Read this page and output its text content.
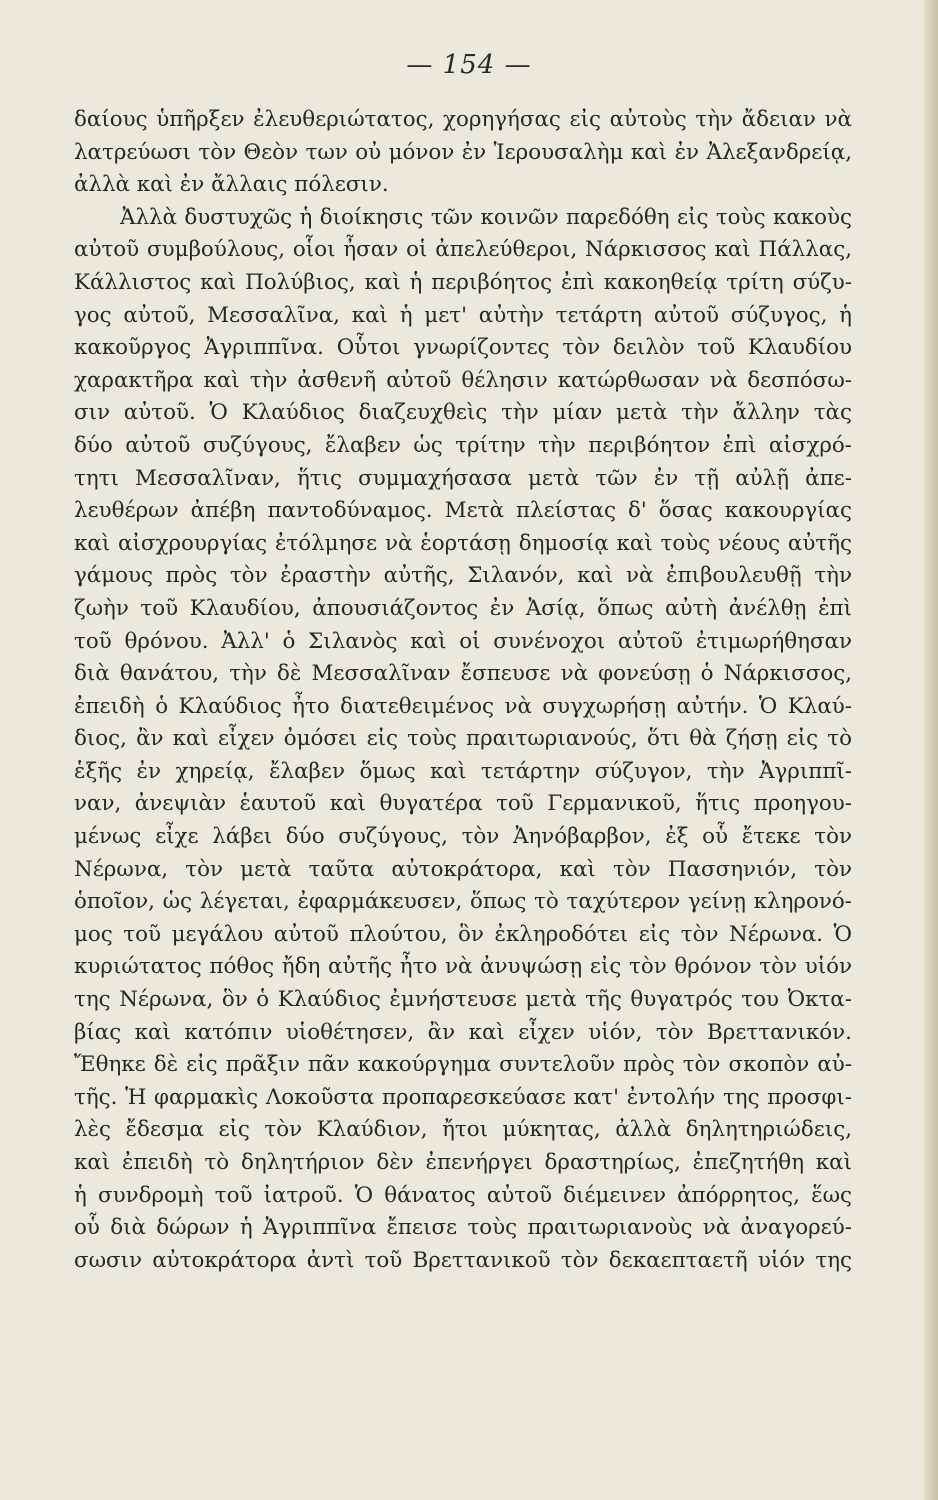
— 154 —
δαίους ὑπῆρξεν ἐλευθεριώτατος, χορηγήσας εἰς αὐτοὺς τὴν ἄδειαν νὰ
λατρεύωσι τὸν Θεὸν των οὐ μόνον ἐν Ἱερουσαλὴμ καὶ ἐν Ἀλεξανδρείᾳ,
ἀλλὰ καὶ ἐν ἄλλαις πόλεσιν.
Ἀλλὰ δυστυχῶς ἡ διοίκησις τῶν κοινῶν παρεδόθη εἰς τοὺς κακοὺς
αὐτοῦ συμβούλους, οἷοι ἦσαν οἱ ἀπελεύθεροι, Νάρκισσος καὶ Πάλλας,
Κάλλιστος καὶ Πολύβιος, καὶ ἡ περιβόητος ἐπὶ κακοηθείᾳ τρίτη σύζυ-
γος αὐτοῦ, Μεσσαλῖνα, καὶ ἡ μετ' αὐτὴν τετάρτη αὐτοῦ σύζυγος, ἡ
κακοῦργος Ἀγριππῖνα. Οὗτοι γνωρίζοντες τὸν δειλὸν τοῦ Κλαυδίου
χαρακτῆρα καὶ τὴν ἀσθενῆ αὐτοῦ θέλησιν κατώρθωσαν νὰ δεσπόσω-
σιν αὐτοῦ. Ὁ Κλαύδιος διαζευχθεὶς τὴν μίαν μετὰ τὴν ἄλλην τὰς
δύο αὐτοῦ συζύγους, ἔλαβεν ὡς τρίτην τὴν περιβόητον ἐπὶ αἰσχρό-
τητι Μεσσαλῖναν, ἥτις συμμαχήσασα μετὰ τῶν ἐν τῇ αὐλῇ ἀπε-
λευθέρων ἀπέβη παντοδύναμος. Μετὰ πλείστας δ' ὅσας κακουργίας
καὶ αἰσχρουργίας ἐτόλμησε νὰ ἑορτάσῃ δημοσίᾳ καὶ τοὺς νέους αὐτῆς
γάμους πρὸς τὸν ἐραστὴν αὐτῆς, Σιλανόν, καὶ νὰ ἐπιβουλευθῇ τὴν
ζωὴν τοῦ Κλαυδίου, ἀπουσιάζοντος ἐν Ἀσίᾳ, ὅπως αὐτὴ ἀνέλθῃ ἐπὶ
τοῦ θρόνου. Ἀλλ' ὁ Σιλανὸς καὶ οἱ συνένοχοι αὐτοῦ ἐτιμωρήθησαν
διὰ θανάτου, τὴν δὲ Μεσσαλῖναν ἔσπευσε νὰ φονεύσῃ ὁ Νάρκισσος,
ἐπειδὴ ὁ Κλαύδιος ἦτο διατεθειμένος νὰ συγχωρήσῃ αὐτήν. Ὁ Κλαύ-
διος, ἂν καὶ εἶχεν ὀμόσει εἰς τοὺς πραιτωριανούς, ὅτι θὰ ζήσῃ εἰς τὸ
ἑξῆς ἐν χηρείᾳ, ἔλαβεν ὅμως καὶ τετάρτην σύζυγον, τὴν Ἀγριππῖ-
ναν, ἀνεψιὰν ἑαυτοῦ καὶ θυγατέρα τοῦ Γερμανικοῦ, ἥτις προηγου-
μένως εἶχε λάβει δύο συζύγους, τὸν Ἀηνόβαρβον, ἐξ οὗ ἔτεκε τὸν
Νέρωνα, τὸν μετὰ ταῦτα αὐτοκράτορα, καὶ τὸν Πασσηνιόν, τὸν
ὁποῖον, ὡς λέγεται, ἐφαρμάκευσεν, ὅπως τὸ ταχύτερον γείνῃ κληρονό-
μος τοῦ μεγάλου αὐτοῦ πλούτου, ὃν ἐκληροδότει εἰς τὸν Νέρωνα. Ὁ
κυριώτατος πόθος ἤδη αὐτῆς ἦτο νὰ ἀνυψώσῃ εἰς τὸν θρόνον τὸν υἱόν
της Νέρωνα, ὃν ὁ Κλαύδιος ἐμνήστευσε μετὰ τῆς θυγατρός του Ὀκτα-
βίας καὶ κατόπιν υἱοθέτησεν, ἂν καὶ εἶχεν υἱόν, τὸν Βρεττανικόν.
Ἔθηκε δὲ εἰς πρᾶξιν πᾶν κακούργημα συντελοῦν πρὸς τὸν σκοπὸν αὐ-
τῆς. Ἡ φαρμακὶς Λοκοῦστα προπαρεσκεύασε κατ' ἐντολήν της προσφι-
λὲς ἔδεσμα εἰς τὸν Κλαύδιον, ἤτοι μύκητας, ἀλλὰ δηλητηριώδεις,
καὶ ἐπειδὴ τὸ δηλητήριον δὲν ἐπενήργει δραστηρίως, ἐπεζητήθη καὶ
ἡ συνδρομὴ τοῦ ἰατροῦ. Ὁ θάνατος αὐτοῦ διέμεινεν ἀπόρρητος, ἕως
οὗ διὰ δώρων ἡ Ἀγριππῖνα ἔπεισε τοὺς πραιτωριανοὺς νὰ ἀναγορεύ-
σωσιν αὐτοκράτορα ἀντὶ τοῦ Βρεττανικοῦ τὸν δεκαεπταετῆ υἱόν της
